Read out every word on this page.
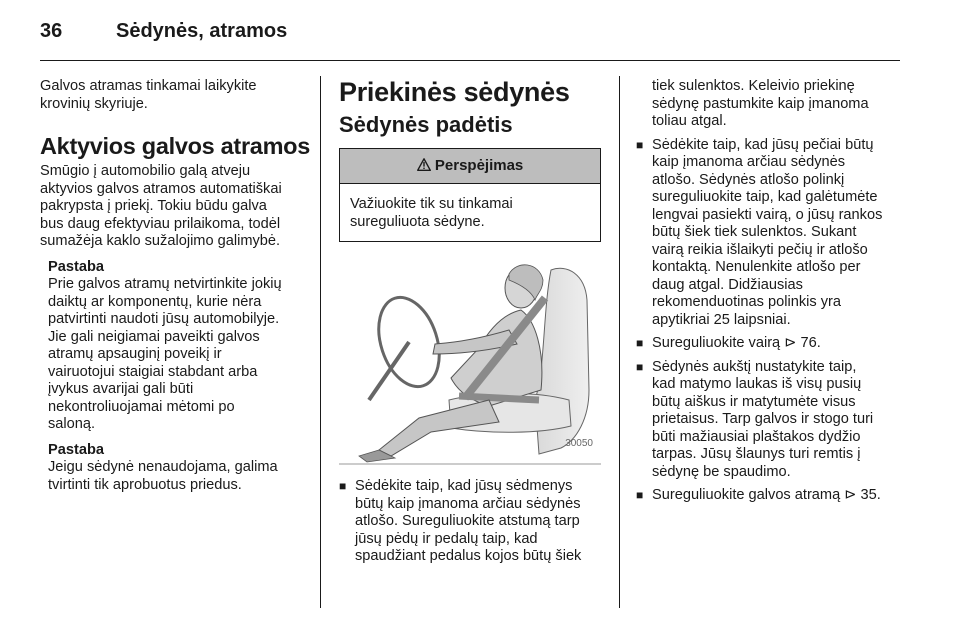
36	Sėdynės, atramos

Galvos atramas tinkamai laikykite

krovinių skyriuje.

Aktyvios galvos atramos

Smūgio į automobilio galą atveju

aktyvios galvos atramos automatiškai

pakrypsta į priekį. Tokiu būdu galva

bus daug efektyviau prilaikoma, todėl

sumažėja kaklo sužalojimo galimybė.

Pastaba

Prie galvos atramų netvirtinkite jokių

daiktų ar komponentų, kurie nėra

patvirtinti naudoti jūsų automobilyje.

Jie gali neigiamai paveikti galvos

atramų apsauginį poveikį ir

vairuotojui staigiai stabdant arba

įvykus avarijai gali būti

nekontroliuojamai mėtomi po

saloną.

Pastaba

Jeigu sėdynė nenaudojama, galima

tvirtinti tik aprobuotus priedus.

Priekinės sėdynės

Sėdynės padėtis

Perspėjimas

Važiuokite tik su tinkamai

sureguliuota sėdyne.

30050
■ Sėdėkite taip, kad jūsų sėdmenys

būtų kaip įmanoma arčiau sėdynės

atlošo. Sureguliuokite atstumą tarp

jūsų pėdų ir pedalų taip, kad

spaudžiant pedalus kojos būtų šiek

tiek sulenktos. Keleivio priekinę

sėdynę pastumkite kaip įmanoma

toliau atgal.

■ Sėdėkite taip, kad jūsų pečiai būtų

kaip įmanoma arčiau sėdynės

atlošo. Sėdynės atlošo polinkį

sureguliuokite taip, kad galėtumėte

lengvai pasiekti vairą, o jūsų rankos

būtų šiek tiek sulenktos. Sukant

vairą reikia išlaikyti pečių ir atlošo

kontaktą. Nenulenkite atlošo per

daug atgal. Didžiausias

rekomenduotinas polinkis yra

apytikriai 25 laipsniai.

■ Sureguliuokite vairą ⊳ 76.

■ Sėdynės aukštį nustatykite taip,

kad matymo laukas iš visų pusių

būtų aiškus ir matytumėte visus

prietaisus. Tarp galvos ir stogo turi

būti mažiausiai plaštakos dydžio

tarpas. Jūsų šlaunys turi remtis į

sėdynę be spaudimo.

■ Sureguliuokite galvos atramą ⊳ 35.
